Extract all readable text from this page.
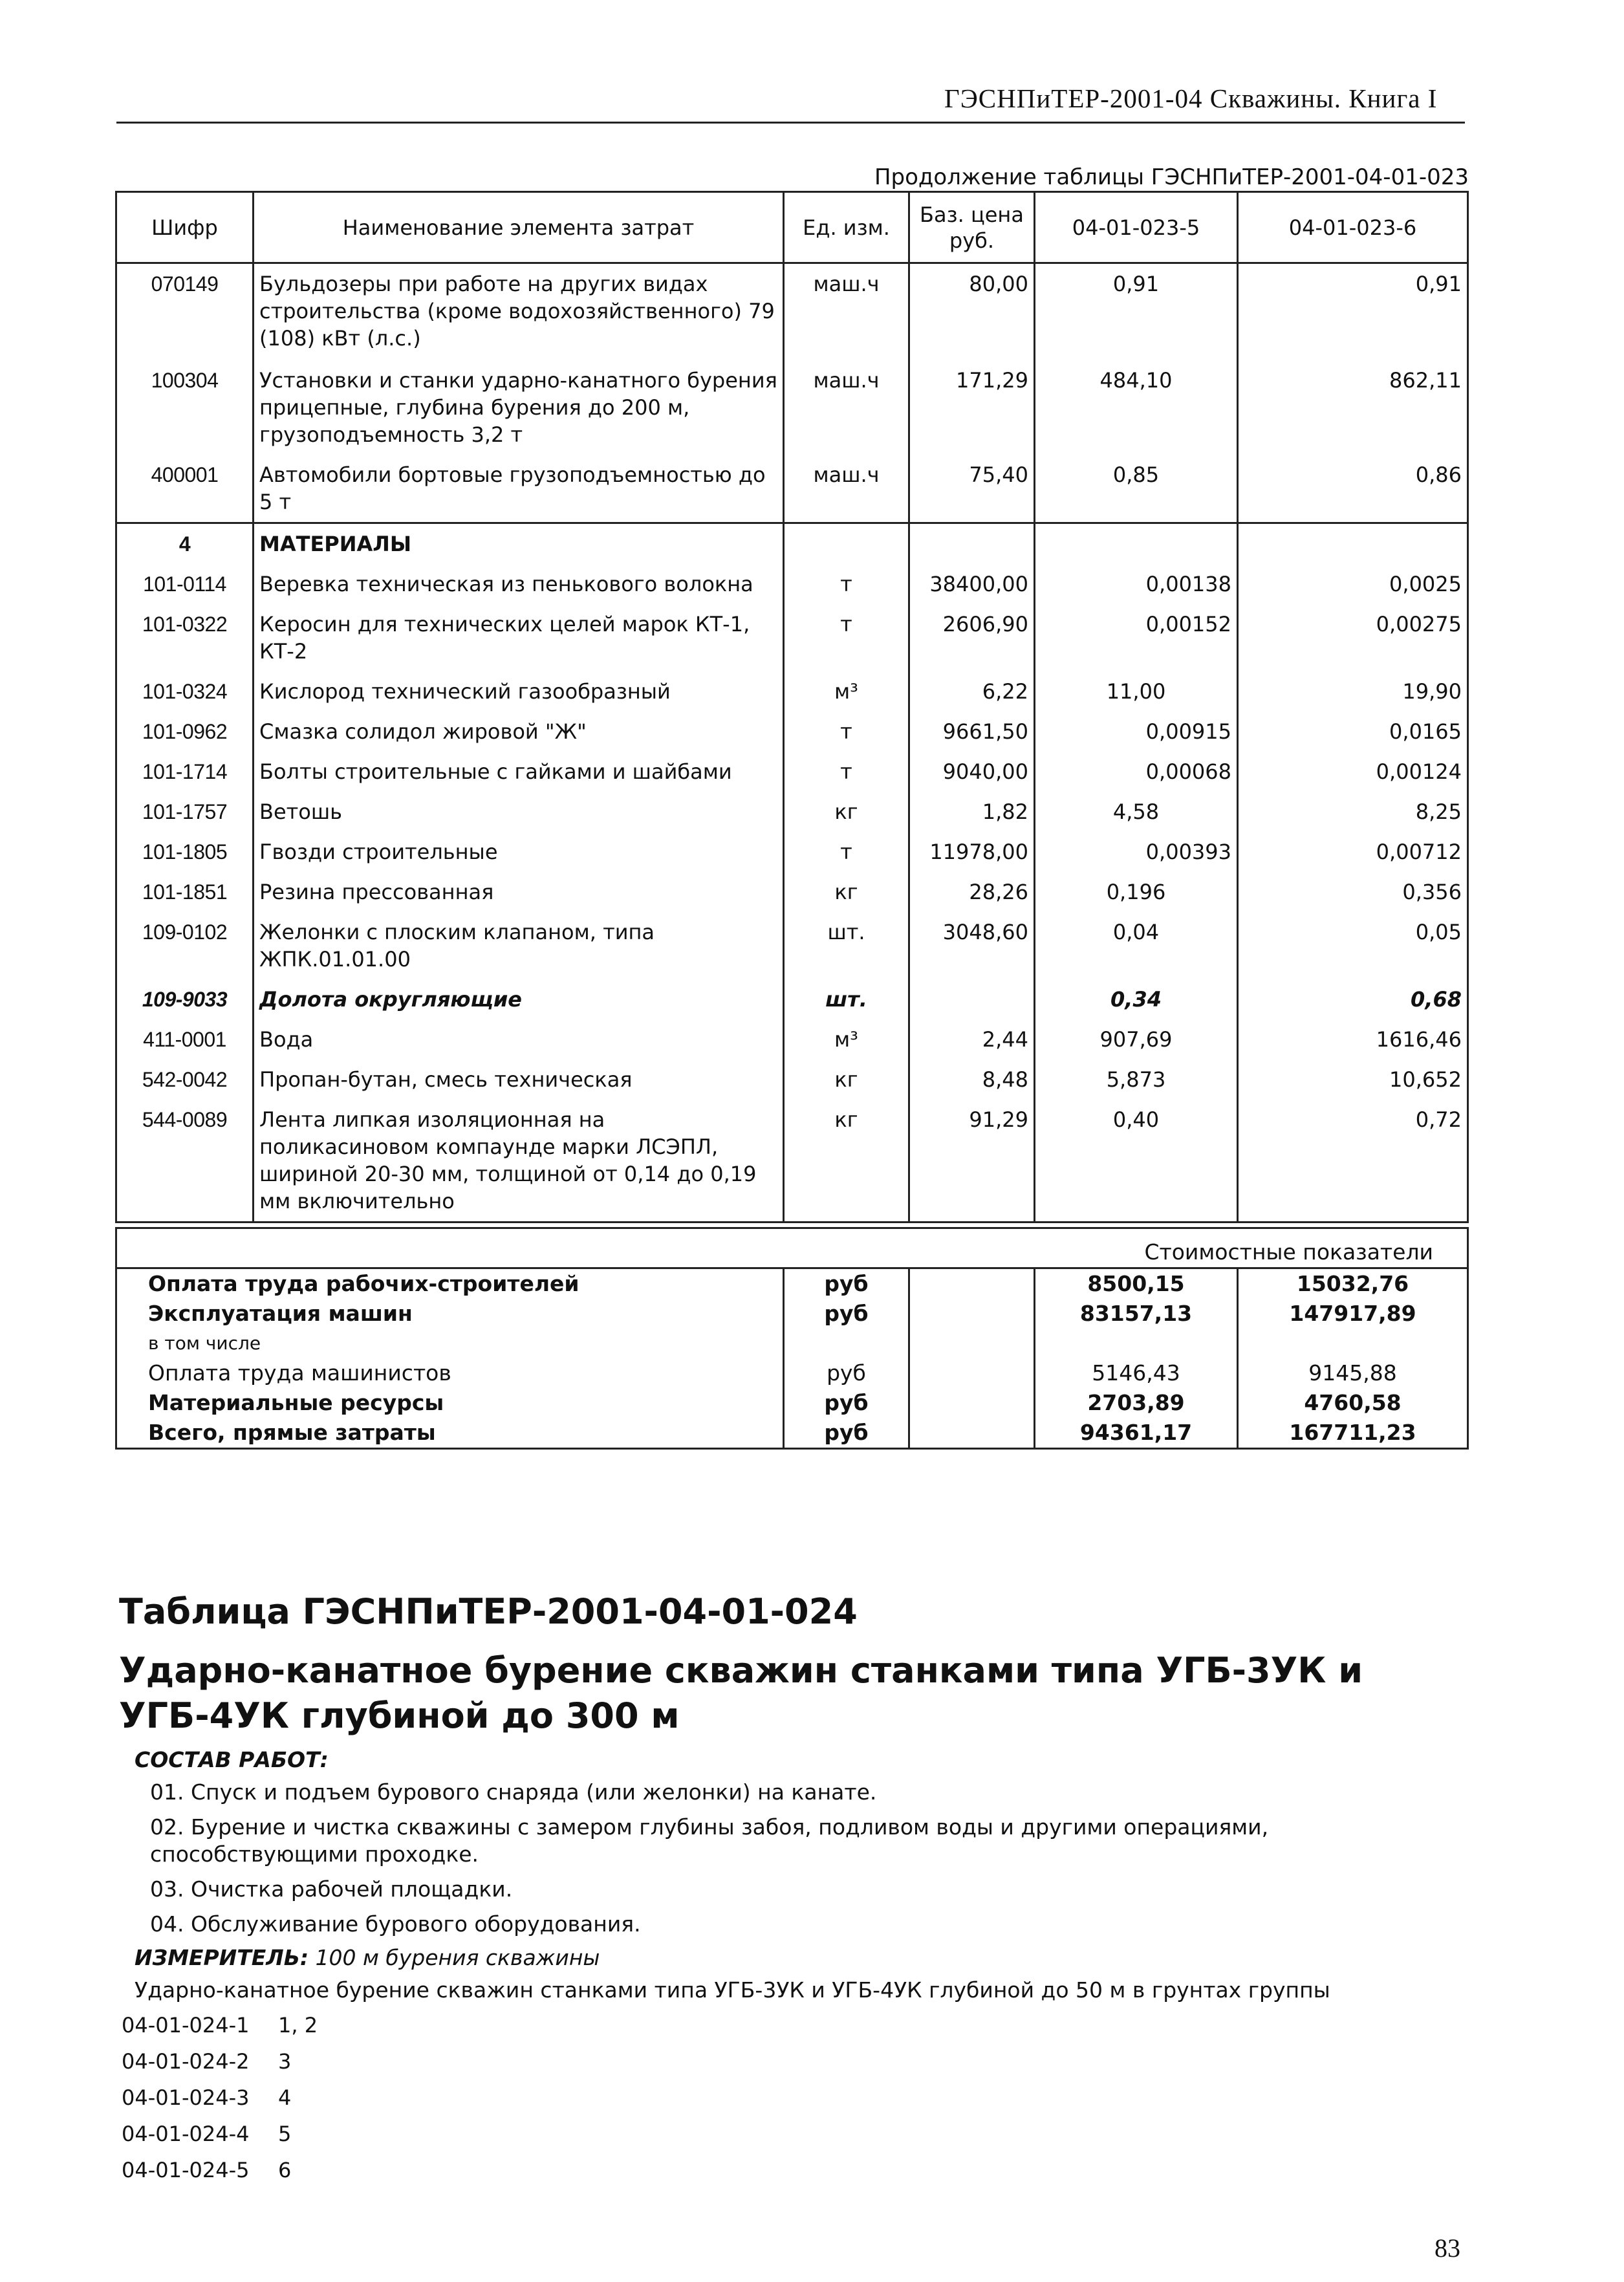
ГЭСНПиТЕР-2001-04 Скважины. Книга I
Продолжение таблицы ГЭСНПиТЕР-2001-04-01-023
Шифр	Наименование элемента затрат	Ед. изм.	Баз. цена руб.	04-01-023-5	04-01-023-6
070149	Бульдозеры при работе на других видах строительства (кроме водохозяйственного) 79 (108) кВт (л.с.)	маш.ч	80,00	0,91	0,91
100304	Установки и станки ударно-канатного бурения прицепные, глубина бурения до 200 м, грузоподъемность 3,2 т	маш.ч	171,29	484,10	862,11
400001	Автомобили бортовые грузоподъемностью до 5 т	маш.ч	75,40	0,85	0,86
4	МАТЕРИАЛЫ				
101-0114	Веревка техническая из пенькового волокна	т	38400,00	0,00138	0,0025
101-0322	Керосин для технических целей марок КТ-1, КТ-2	т	2606,90	0,00152	0,00275
101-0324	Кислород технический газообразный	м³	6,22	11,00	19,90
101-0962	Смазка солидол жировой "Ж"	т	9661,50	0,00915	0,0165
101-1714	Болты строительные с гайками и шайбами	т	9040,00	0,00068	0,00124
101-1757	Ветошь	кг	1,82	4,58	8,25
101-1805	Гвозди строительные	т	11978,00	0,00393	0,00712
101-1851	Резина прессованная	кг	28,26	0,196	0,356
109-0102	Желонки с плоским клапаном, типа ЖПК.01.01.00	шт.	3048,60	0,04	0,05
109-9033	Долота округляющие	шт.		0,34	0,68
411-0001	Вода	м³	2,44	907,69	1616,46
542-0042	Пропан-бутан, смесь техническая	кг	8,48	5,873	10,652
544-0089	Лента липкая изоляционная на поликасиновом компаунде марки ЛСЭПЛ, шириной 20-30 мм, толщиной от 0,14 до 0,19 мм включительно	кг	91,29	0,40	0,72
			Стоимостные показатели	
Оплата труда рабочих-строителей	руб		8500,15	15032,76
Эксплуатация машин	руб		83157,13	147917,89
в том числе				
Оплата труда машинистов	руб		5146,43	9145,88
Материальные ресурсы	руб		2703,89	4760,58
Всего, прямые затраты	руб		94361,17	167711,23
Таблица ГЭСНПиТЕР-2001-04-01-024
Ударно-канатное бурение скважин станками типа УГБ-3УК и УГБ-4УК глубиной до 300 м
СОСТАВ РАБОТ:
01. Спуск и подъем бурового снаряда (или желонки) на канате.
02. Бурение и чистка скважины с замером глубины забоя, подливом воды и другими операциями, способствующими проходке.
03. Очистка рабочей площадки.
04. Обслуживание бурового оборудования.
ИЗМЕРИТЕЛЬ: 100 м бурения скважины
Ударно-канатное бурение скважин станками типа УГБ-3УК и УГБ-4УК глубиной до 50 м в грунтах группы
04-01-024-1 1, 2
04-01-024-2 3
04-01-024-3 4
04-01-024-4 5
04-01-024-5 6
83
